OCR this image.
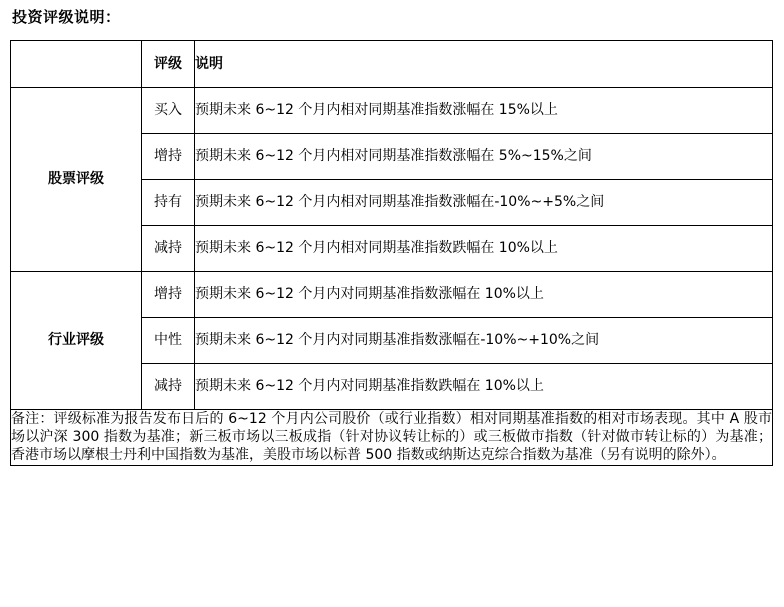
投资评级说明：
	评级	说明
股票评级	买入	预期未来 6~12 个月内相对同期基准指数涨幅在 15%以上
	增持	预期未来 6~12 个月内相对同期基准指数涨幅在 5%~15%之间
	持有	预期未来 6~12 个月内相对同期基准指数涨幅在-10%~+5%之间
	减持	预期未来 6~12 个月内相对同期基准指数跌幅在 10%以上
行业评级	增持	预期未来 6~12 个月内对同期基准指数涨幅在 10%以上
	中性	预期未来 6~12 个月内对同期基准指数涨幅在-10%~+10%之间
	减持	预期未来 6~12 个月内对同期基准指数跌幅在 10%以上
备注：评级标准为报告发布日后的 6~12 个月内公司股价（或行业指数）相对同期基准指数的相对市场表现。其中 A 股市场以沪深 300 指数为基准；新三板市场以三板成指（针对协议转让标的）或三板做市指数（针对做市转让标的）为基准；香港市场以摩根士丹利中国指数为基准，美股市场以标普 500 指数或纳斯达克综合指数为基准（另有说明的除外）。		
